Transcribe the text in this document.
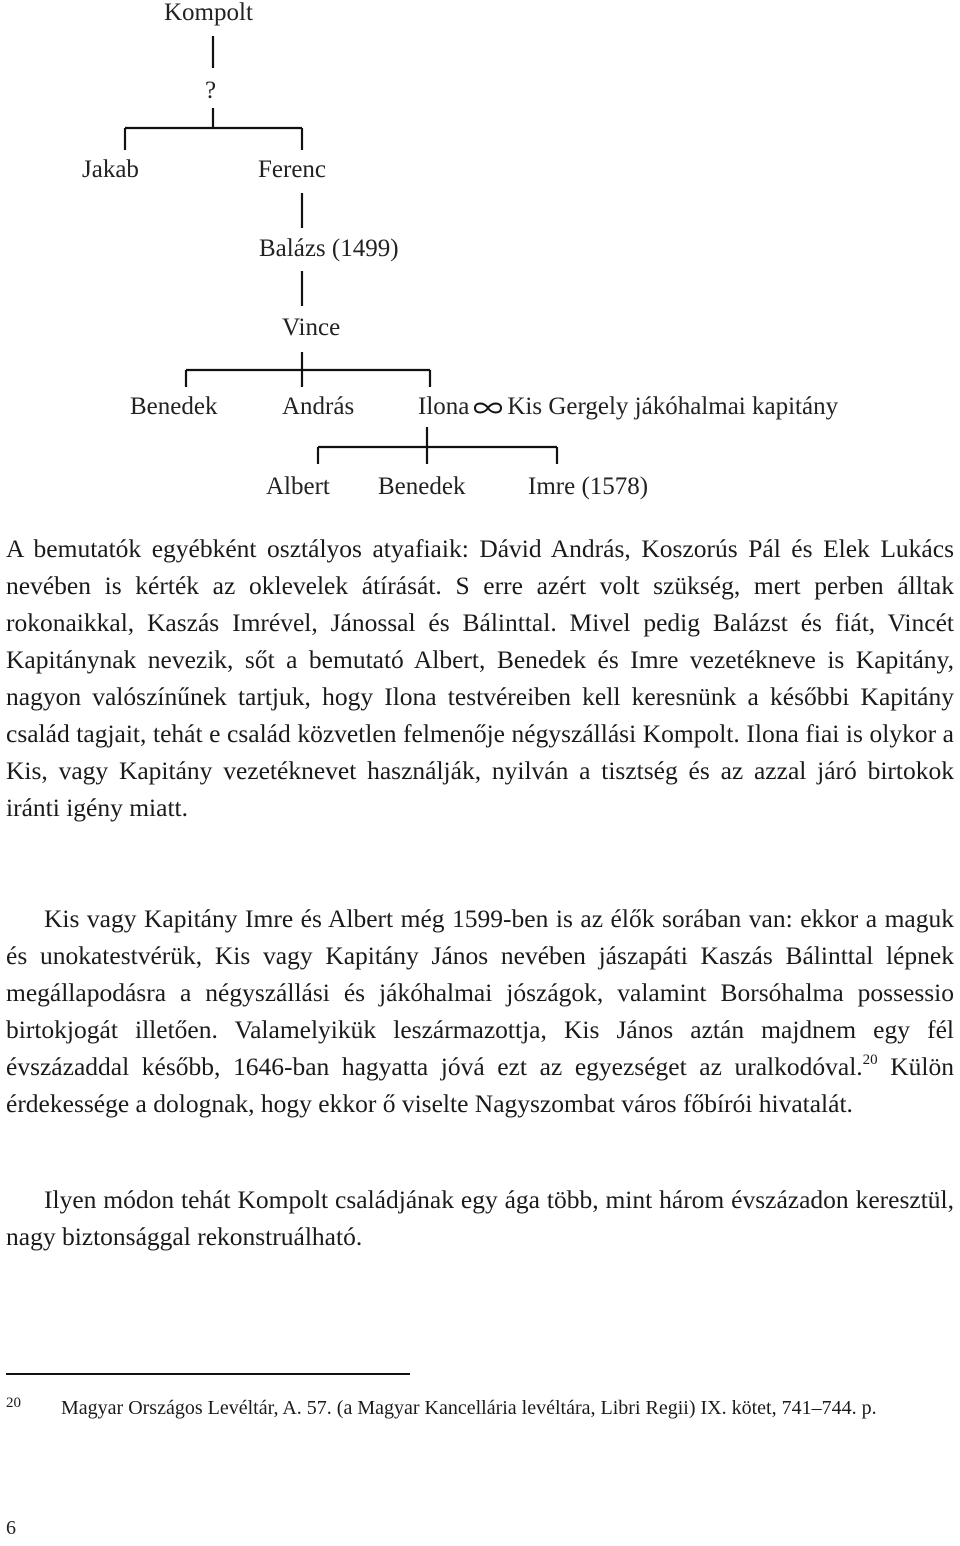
Kompolt
?
Jakab	Ferenc
Balázs (1499)
Vince
Benedek	András	Ilona Kis Gergely jákóhalmai kapitány
Albert Benedek	Imre (1578)

A bemutatók egyébként osztályos atyafiaik: Dávid András, Koszorús Pál és Elek Lukács nevében is kérték az oklevelek átírását. S erre azért volt szükség, mert perben álltak rokonaikkal, Kaszás Imrével, Jánossal és Bálinttal. Mivel pedig Balázst és fiát, Vincét Kapitánynak nevezik, sőt a bemutató Albert, Benedek és Imre vezetékneve is Kapitány, nagyon valószínűnek tartjuk, hogy Ilona testvéreiben kell keresnünk a későbbi Kapitány család tagjait, tehát e család közvetlen felmenője négyszállási Kompolt. Ilona fiai is olykor a Kis, vagy Kapitány vezetéknevet használják, nyilván a tisztség és az azzal járó birtokok iránti igény miatt.

Kis vagy Kapitány Imre és Albert még 1599-ben is az élők sorában van: ekkor a maguk és unokatestvérük, Kis vagy Kapitány János nevében jászapáti Kaszás Bálinttal lépnek megállapodásra a négyszállási és jákóhalmai jószágok, valamint Borsóhalma possessio birtokjogát illetően. Valamelyikük leszármazottja, Kis János aztán majdnem egy fél évszázaddal később, 1646-ban hagyatta jóvá ezt az egyezséget az uralkodóval.$^{20}$ Külön érdekessége a dolognak, hogy ekkor ő viselte Nagyszombat város főbírói hivatalát.

Ilyen módon tehát Kompolt családjának egy ága több, mint három évszázadon keresztül, nagy biztonsággal rekonstruálható.

20 Magyar Országos Levéltár, A. 57. (a Magyar Kancellária levéltára, Libri Regii) IX. kötet, 741–744. p.
6
